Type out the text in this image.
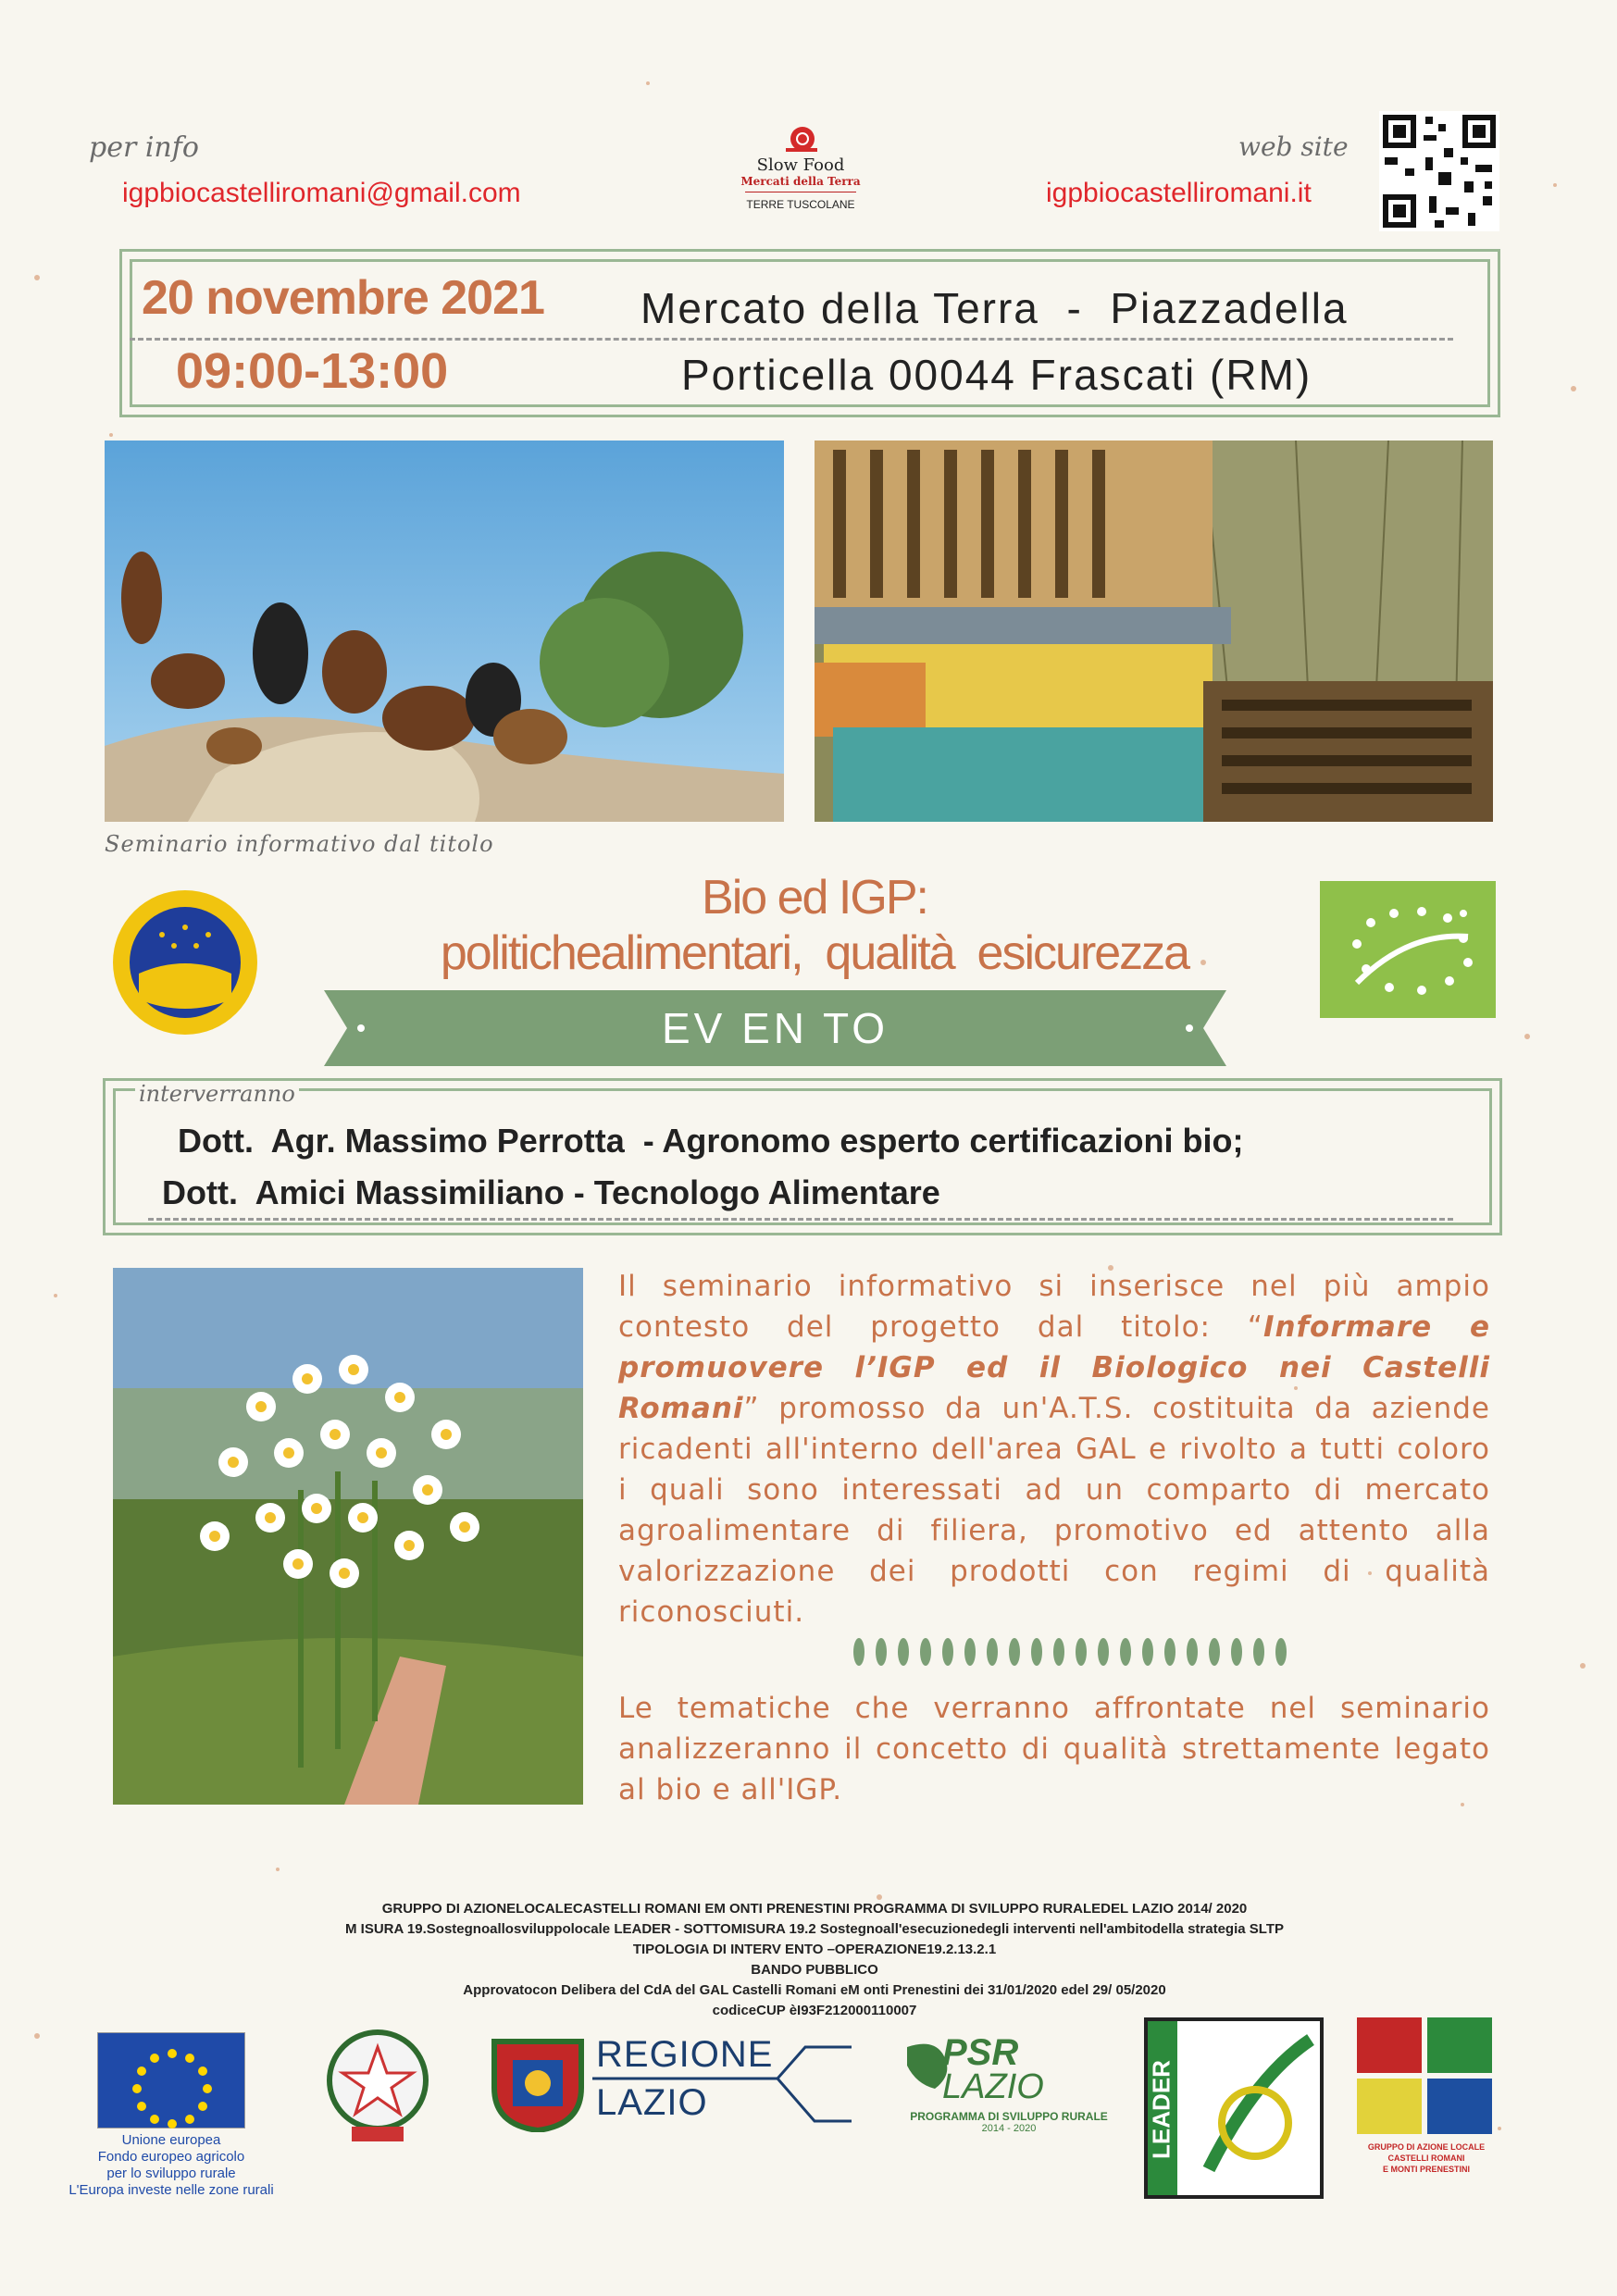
per info
igpbiocastelliromani@gmail.com
Slow Food
Mercati della Terra
TERRE TUSCOLANE
web site
igpbiocastelliromani.it
20 novembre 2021
09:00-13:00
Mercato della Terra  -  Piazzadella
Porticella 00044 Frascati (RM)
Seminario informativo dal titolo
Bio ed IGP:
politichealimentari,  qualità  esicurezza
EV EN TO
interverranno
Dott.  Agr. Massimo Perrotta  - Agronomo esperto certificazioni bio;
Dott.  Amici Massimiliano - Tecnologo Alimentare
Il seminario informativo si inserisce nel più ampio contesto del progetto dal titolo: “Informare e promuovere l’IGP ed il Biologico nei Castelli Romani” promosso da un'A.T.S. costituita da aziende ricadenti all'interno dell'area GAL e rivolto a tutti coloro i quali sono interessati ad un comparto di mercato agroalimentare di filiera, promotivo ed attento alla valorizzazione dei prodotti con regimi di qualità riconosciuti.
Le tematiche che verranno affrontate nel seminario analizzeranno il concetto di qualità strettamente legato al bio e all'IGP.
GRUPPO DI AZIONELOCALECASTELLI ROMANI EM ONTI PRENESTINI PROGRAMMA DI SVILUPPO RURALEDEL LAZIO 2014/ 2020
M ISURA 19.Sostegnoallosviluppolocale LEADER - SOTTOMISURA 19.2 Sostegnoall'esecuzionedegli interventi nell'ambitodella strategia SLTP
TIPOLOGIA DI INTERV ENTO –OPERAZIONE19.2.13.2.1
BANDO PUBBLICO
Approvatocon Delibera del CdA del GAL Castelli Romani eM onti Prenestini dei 31/01/2020 edel 29/ 05/2020
codiceCUP èI93F212000110007
Unione europea
Fondo europeo agricolo
per lo sviluppo rurale
L'Europa investe nelle zone rurali
REGIONE
LAZIO
PSR
LAZIO
PROGRAMMA DI SVILUPPO RURALE
2014 - 2020	LEADER	GRUPPO DI AZIONE LOCALE
CASTELLI ROMANI
E MONTI PRENESTINI
